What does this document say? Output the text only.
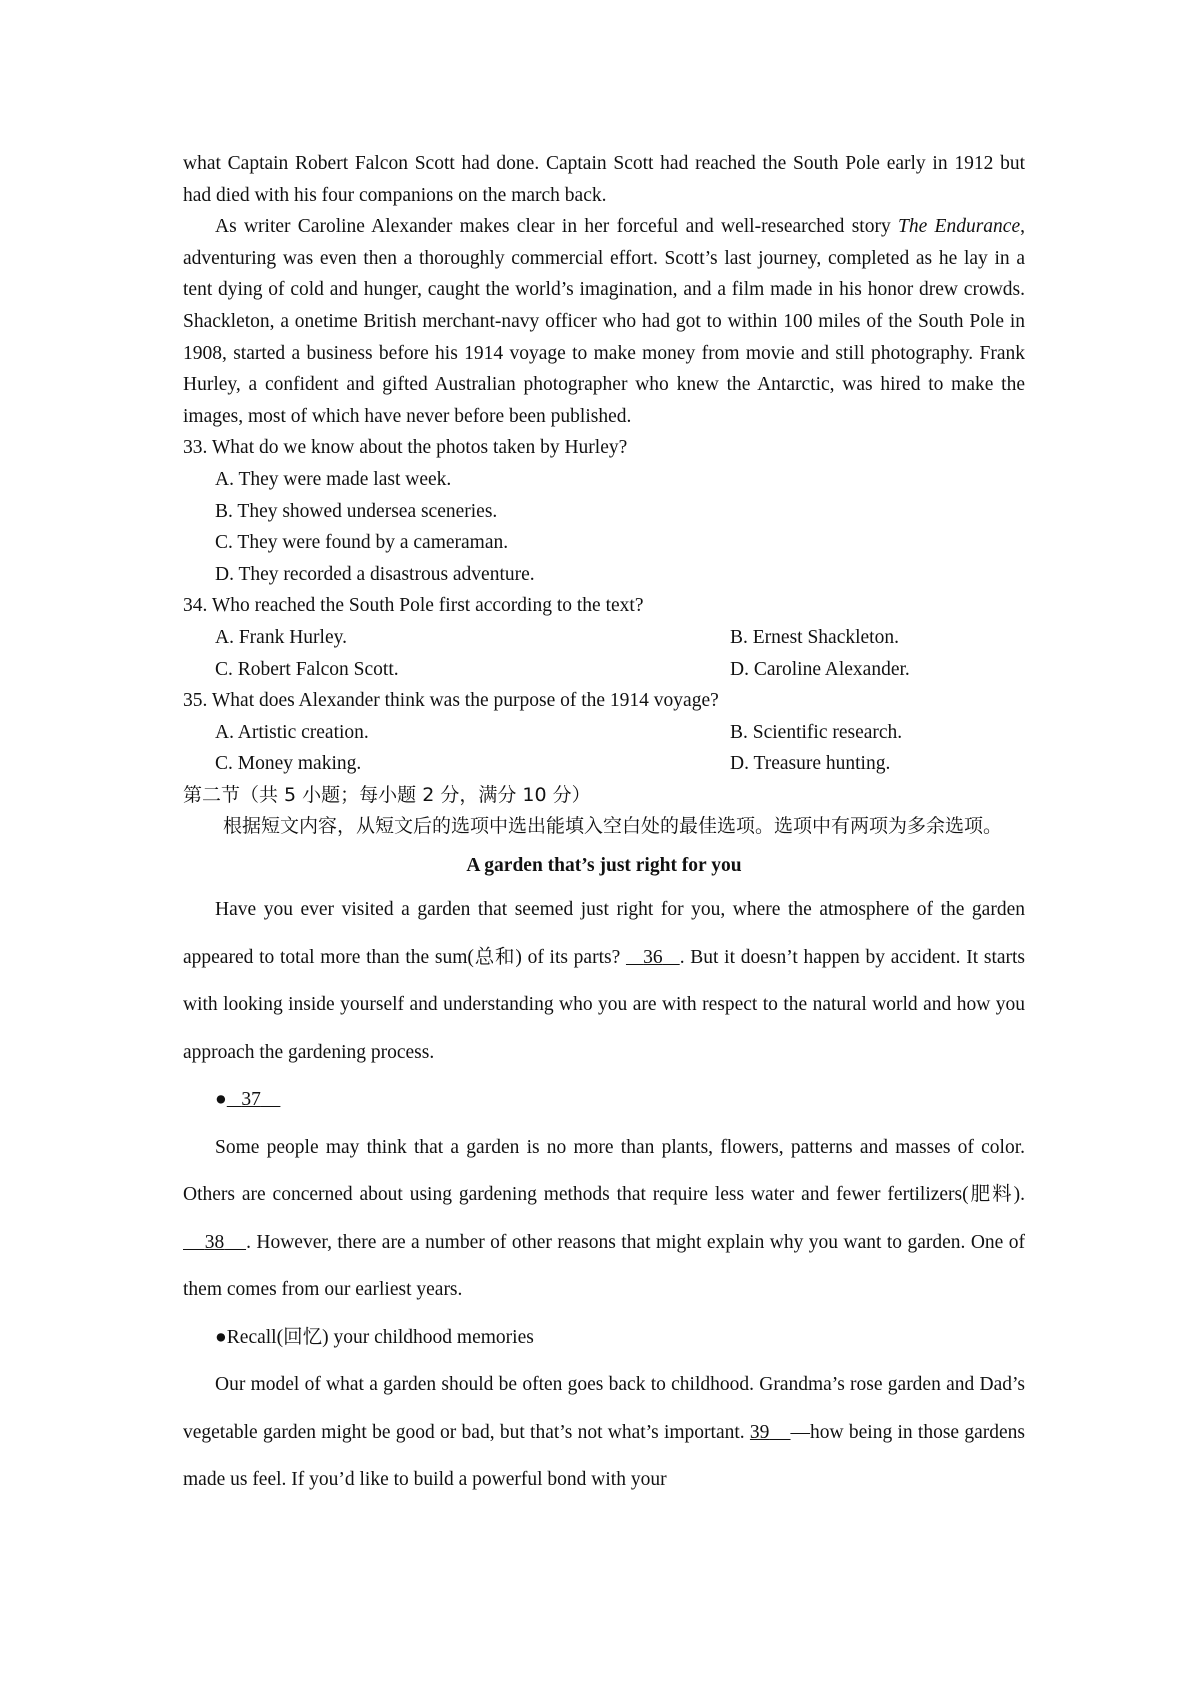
what Captain Robert Falcon Scott had done. Captain Scott had reached the South Pole early in 1912 but had died with his four companions on the march back.

As writer Caroline Alexander makes clear in her forceful and well-researched story The Endurance, adventuring was even then a thoroughly commercial effort. Scott’s last journey, completed as he lay in a tent dying of cold and hunger, caught the world’s imagination, and a film made in his honor drew crowds. Shackleton, a onetime British merchant-navy officer who had got to within 100 miles of the South Pole in 1908, started a business before his 1914 voyage to make money from movie and still photography. Frank Hurley, a confident and gifted Australian photographer who knew the Antarctic, was hired to make the images, most of which have never before been published.

33. What do we know about the photos taken by Hurley?

A. They were made last week.

B. They showed undersea sceneries.

C. They were found by a cameraman.

D. They recorded a disastrous adventure.

34. Who reached the South Pole first according to the text?

A. Frank Hurley.	B. Ernest Shackleton.
C. Robert Falcon Scott.	D. Caroline Alexander.

35. What does Alexander think was the purpose of the 1914 voyage?

A. Artistic creation.	B. Scientific research.
C. Money making.	D. Treasure hunting.

第二节（共 5 小题；每小题 2 分，满分 10 分）

根据短文内容，从短文后的选项中选出能填入空白处的最佳选项。选项中有两项为多余选项。

A garden that’s just right for you

Have you ever visited a garden that seemed just right for you, where the atmosphere of the garden appeared to total more than the sum(总和) of its parts?    36 . But it doesn’t happen by accident. It starts with looking inside yourself and understanding who you are with respect to the natural world and how you approach the gardening process.

● 37

Some people may think that a garden is no more than plants, flowers, patterns and masses of color. Others are concerned about using gardening methods that require less water and fewer fertilizers(肥料).     38 . However, there are a number of other reasons that might explain why you want to garden. One of them comes from our earliest years.

●Recall(回忆) your childhood memories

Our model of what a garden should be often goes back to childhood. Grandma’s rose garden and Dad’s vegetable garden might be good or bad, but that’s not what’s important. 39 —how being in those gardens made us feel. If you’d like to build a powerful bond with your
